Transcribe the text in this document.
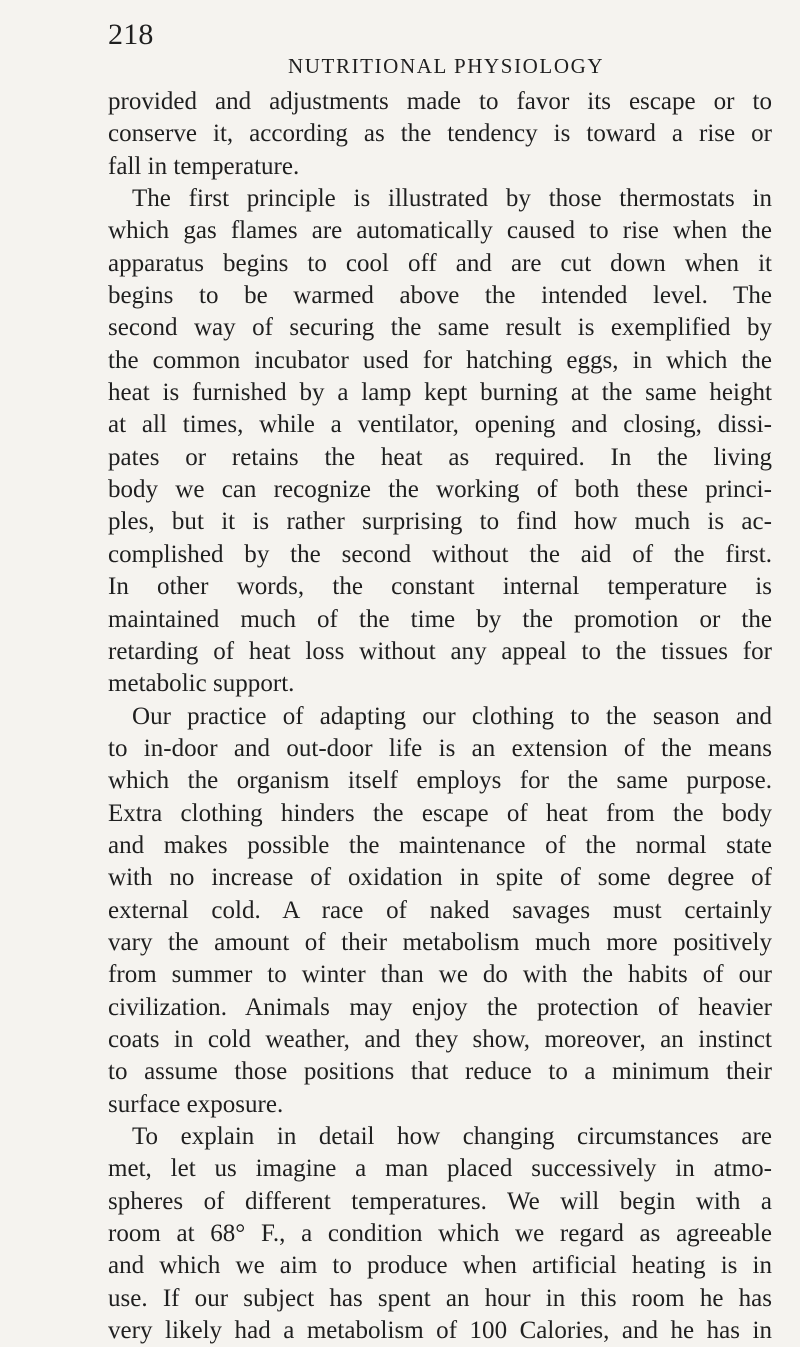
218
NUTRITIONAL PHYSIOLOGY
provided and adjustments made to favor its escape or to
conserve it, according as the tendency is toward a rise or
fall in temperature.
The first principle is illustrated by those thermostats in
which gas flames are automatically caused to rise when the
apparatus begins to cool off and are cut down when it
begins to be warmed above the intended level. The
second way of securing the same result is exemplified by
the common incubator used for hatching eggs, in which the
heat is furnished by a lamp kept burning at the same height
at all times, while a ventilator, opening and closing, dissi-
pates or retains the heat as required. In the living
body we can recognize the working of both these princi-
ples, but it is rather surprising to find how much is ac-
complished by the second without the aid of the first.
In other words, the constant internal temperature is
maintained much of the time by the promotion or the
retarding of heat loss without any appeal to the tissues for
metabolic support.
Our practice of adapting our clothing to the season and
to in-door and out-door life is an extension of the means
which the organism itself employs for the same purpose.
Extra clothing hinders the escape of heat from the body
and makes possible the maintenance of the normal state
with no increase of oxidation in spite of some degree of
external cold. A race of naked savages must certainly
vary the amount of their metabolism much more positively
from summer to winter than we do with the habits of our
civilization. Animals may enjoy the protection of heavier
coats in cold weather, and they show, moreover, an instinct
to assume those positions that reduce to a minimum their
surface exposure.
To explain in detail how changing circumstances are
met, let us imagine a man placed successively in atmo-
spheres of different temperatures. We will begin with a
room at 68° F., a condition which we regard as agreeable
and which we aim to produce when artificial heating is in
use. If our subject has spent an hour in this room he has
very likely had a metabolism of 100 Calories, and he has in
